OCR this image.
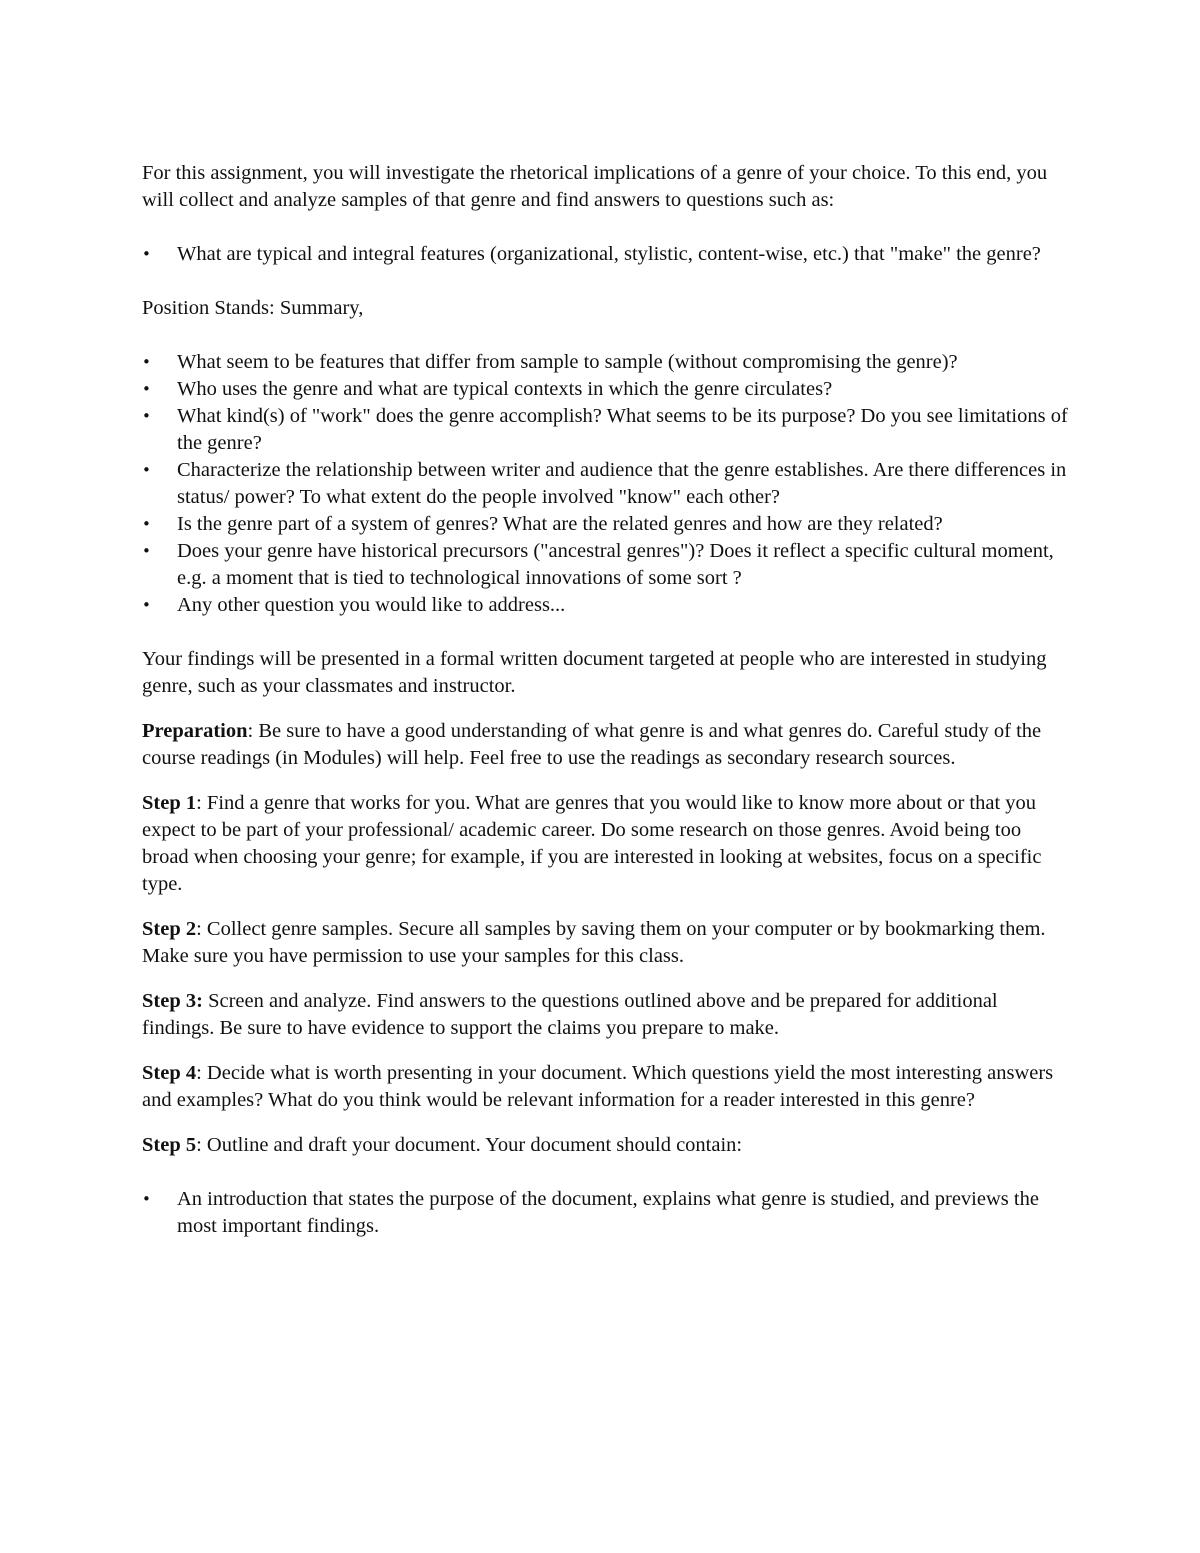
For this assignment, you will investigate the rhetorical implications of a genre of your choice. To this end, you will collect and analyze samples of that genre and find answers to questions such as:

• What are typical and integral features (organizational, stylistic, content-wise, etc.) that "make" the genre?

Position Stands: Summary,

• What seem to be features that differ from sample to sample (without compromising the genre)?
• Who uses the genre and what are typical contexts in which the genre circulates?
• What kind(s) of "work" does the genre accomplish? What seems to be its purpose? Do you see limitations of the genre?
• Characterize the relationship between writer and audience that the genre establishes. Are there differences in status/ power? To what extent do the people involved "know" each other?
• Is the genre part of a system of genres? What are the related genres and how are they related?
• Does your genre have historical precursors ("ancestral genres")? Does it reflect a specific cultural moment, e.g. a moment that is tied to technological innovations of some sort ?
• Any other question you would like to address...

Your findings will be presented in a formal written document targeted at people who are interested in studying genre, such as your classmates and instructor.

Preparation: Be sure to have a good understanding of what genre is and what genres do. Careful study of the course readings (in Modules) will help. Feel free to use the readings as secondary research sources.

Step 1: Find a genre that works for you. What are genres that you would like to know more about or that you expect to be part of your professional/ academic career. Do some research on those genres. Avoid being too broad when choosing your genre; for example, if you are interested in looking at websites, focus on a specific type.

Step 2: Collect genre samples. Secure all samples by saving them on your computer or by bookmarking them. Make sure you have permission to use your samples for this class.

Step 3: Screen and analyze. Find answers to the questions outlined above and be prepared for additional findings. Be sure to have evidence to support the claims you prepare to make.

Step 4: Decide what is worth presenting in your document. Which questions yield the most interesting answers and examples? What do you think would be relevant information for a reader interested in this genre?

Step 5: Outline and draft your document. Your document should contain:

• An introduction that states the purpose of the document, explains what genre is studied, and previews the most important findings.
